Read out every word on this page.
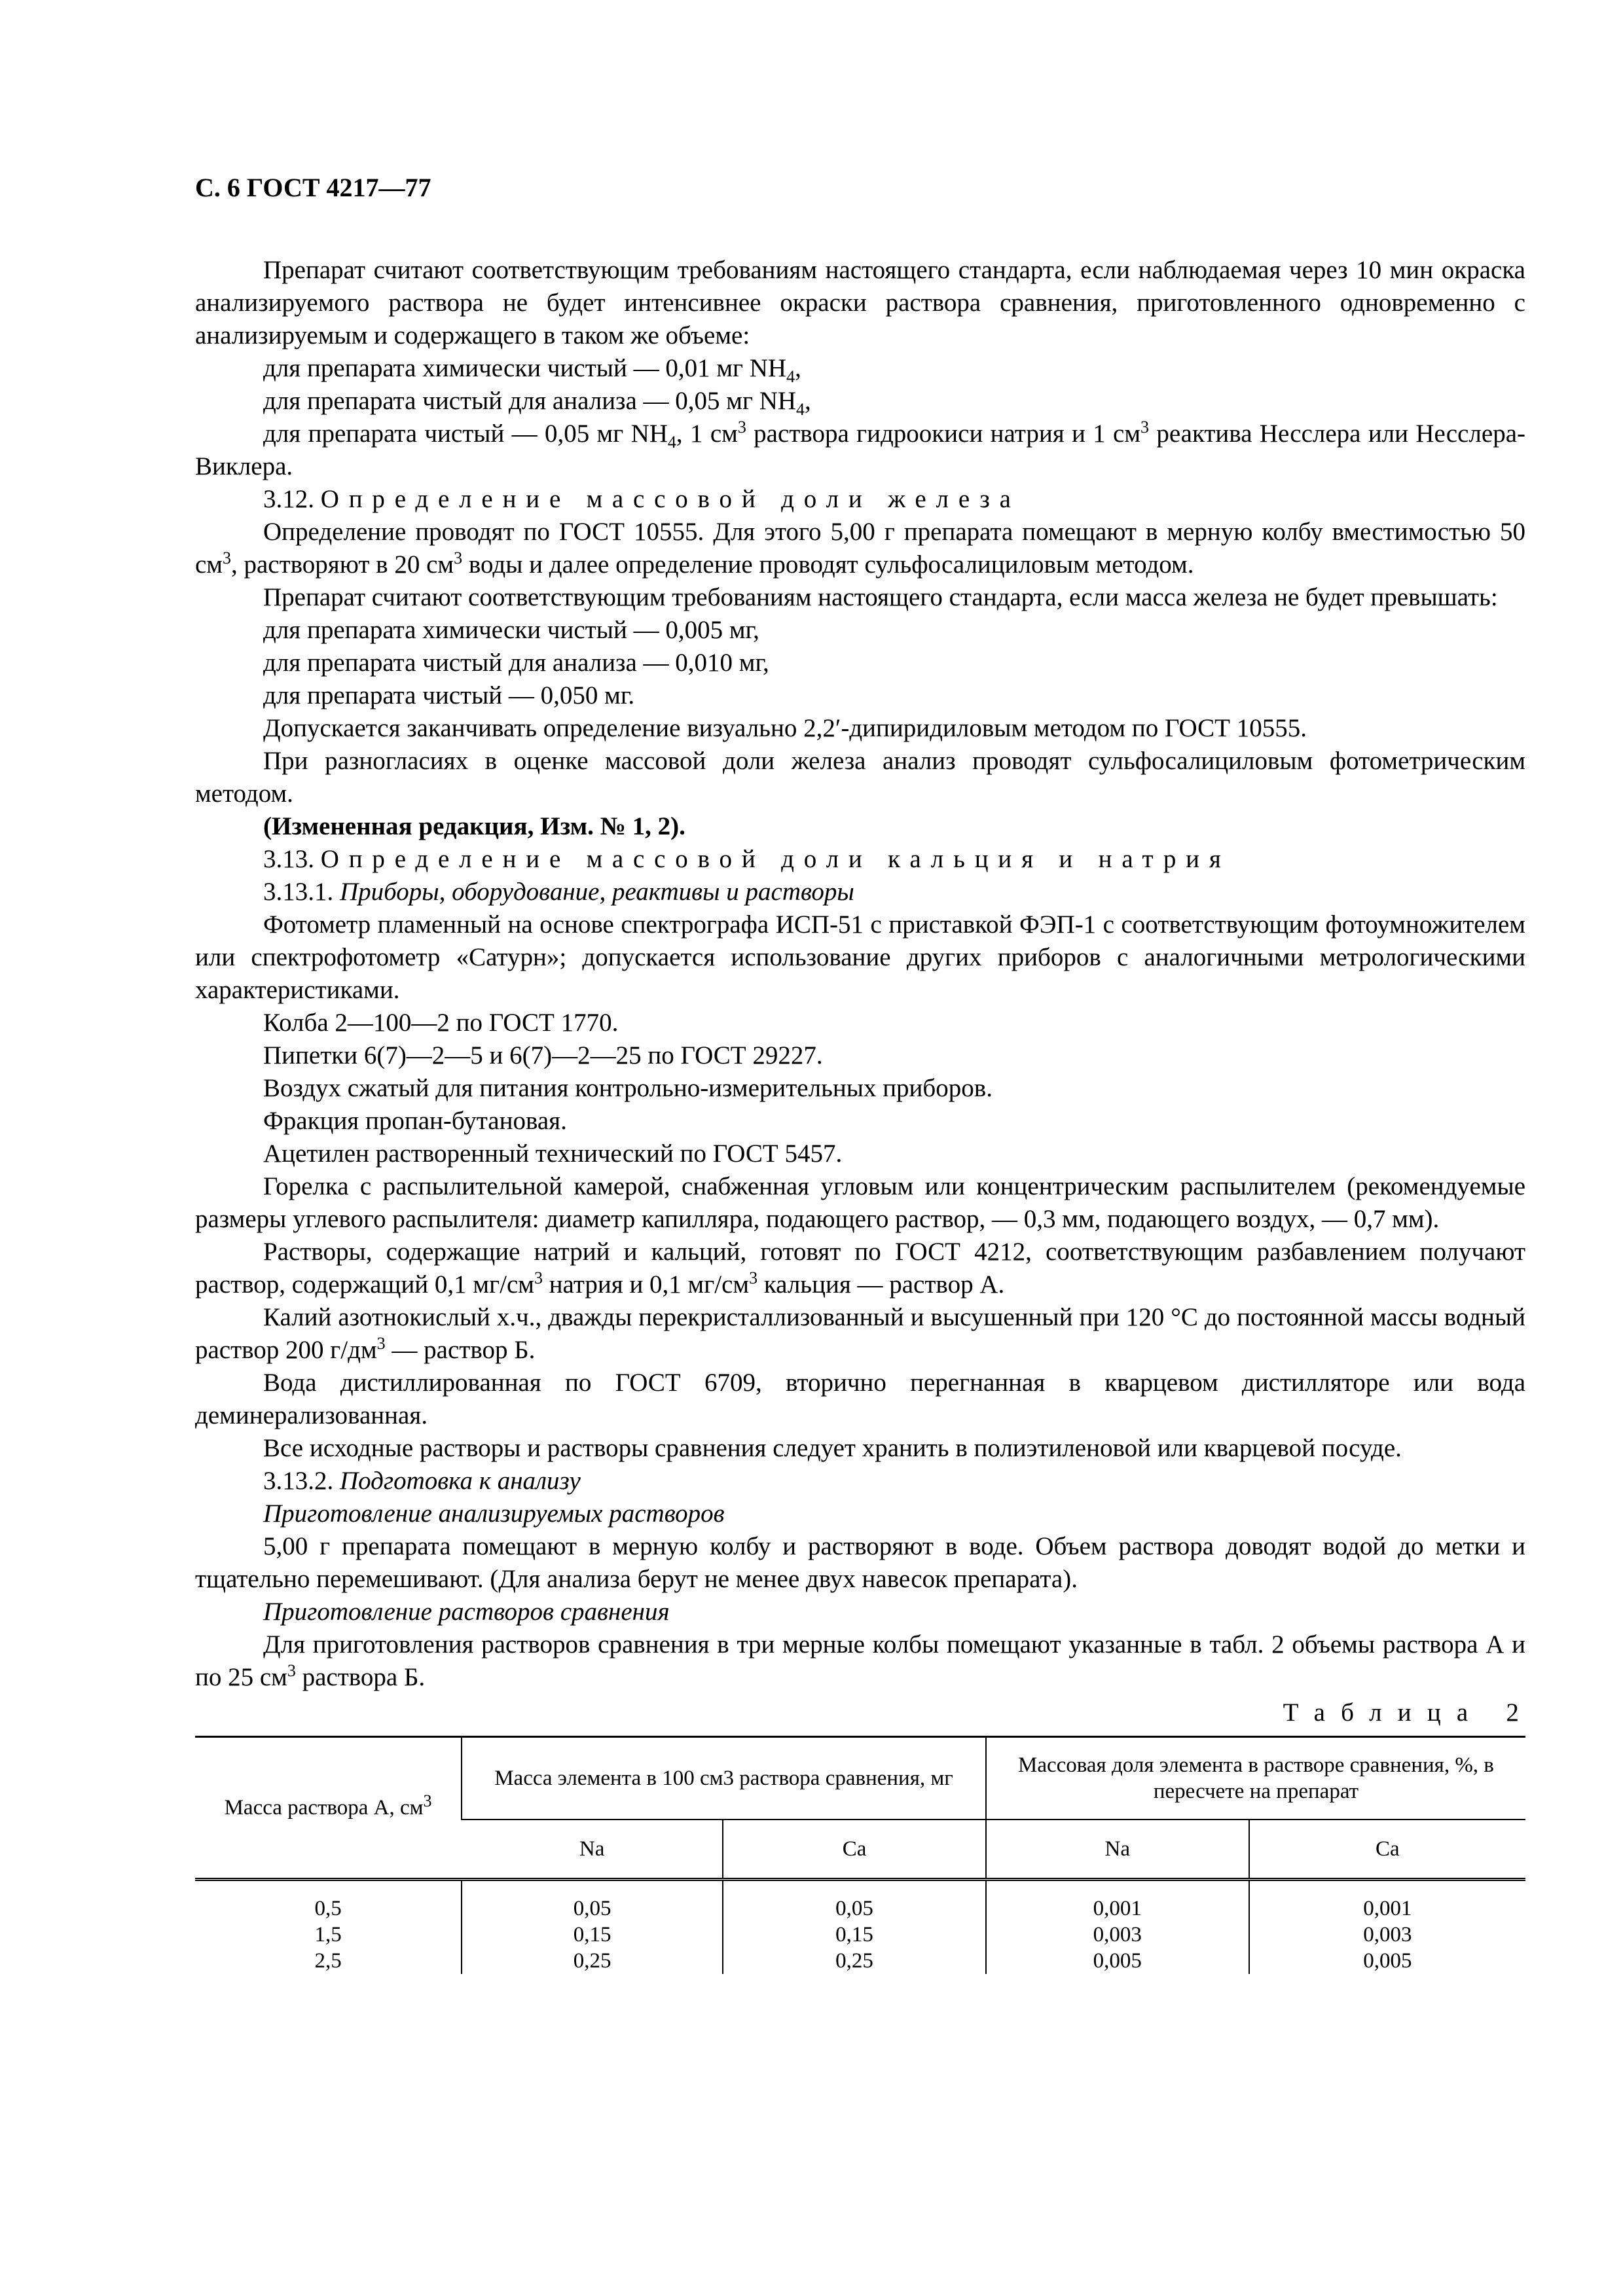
С. 6 ГОСТ 4217—77

Препарат считают соответствующим требованиям настоящего стандарта, если наблюдаемая через 10 мин окраска анализируемого раствора не будет интенсивнее окраски раствора сравнения, приготовленного одновременно с анализируемым и содержащего в таком же объеме:

для препарата химически чистый — 0,01 мг $NH_4$,

для препарата чистый для анализа — 0,05 мг $NH_4$,

для препарата чистый — 0,05 мг $NH_4$, 1 $см^3$ раствора гидроокиси натрия и 1 $см^3$ реактива Несслера или Несслера-Виклера.

3.12. Определение массовой доли железа

Определение проводят по ГОСТ 10555. Для этого 5,00 г препарата помещают в мерную колбу вместимостью 50 $см^3$, растворяют в 20 $см^3$ воды и далее определение проводят сульфосалициловым методом.

Препарат считают соответствующим требованиям настоящего стандарта, если масса железа не будет превышать:

для препарата химически чистый — 0,005 мг,

для препарата чистый для анализа — 0,010 мг,

для препарата чистый — 0,050 мг.

Допускается заканчивать определение визуально 2,2′-дипиридиловым методом по ГОСТ 10555.

При разногласиях в оценке массовой доли железа анализ проводят сульфосалициловым фотометрическим методом.

(Измененная редакция, Изм. № 1, 2).

3.13. Определение массовой доли кальция и натрия

3.13.1. Приборы, оборудование, реактивы и растворы

Фотометр пламенный на основе спектрографа ИСП-51 с приставкой ФЭП-1 с соответствующим фотоумножителем или спектрофотометр «Сатурн»; допускается использование других приборов с аналогичными метрологическими характеристиками.

Колба 2—100—2 по ГОСТ 1770.

Пипетки 6(7)—2—5 и 6(7)—2—25 по ГОСТ 29227.

Воздух сжатый для питания контрольно-измерительных приборов.

Фракция пропан-бутановая.

Ацетилен растворенный технический по ГОСТ 5457.

Горелка с распылительной камерой, снабженная угловым или концентрическим распылителем (рекомендуемые размеры углевого распылителя: диаметр капилляра, подающего раствор, — 0,3 мм, подающего воздух, — 0,7 мм).

Растворы, содержащие натрий и кальций, готовят по ГОСТ 4212, соответствующим разбавлением получают раствор, содержащий 0,1 $мг/см^3$ натрия и 0,1 $мг/см^3$ кальция — раствор А.

Калий азотнокислый х.ч., дважды перекристаллизованный и высушенный при 120 °С до постоянной массы водный раствор 200 $г/дм^3$ — раствор Б.

Вода дистиллированная по ГОСТ 6709, вторично перегнанная в кварцевом дистилляторе или вода деминерализованная.

Все исходные растворы и растворы сравнения следует хранить в полиэтиленовой или кварцевой посуде.

3.13.2. Подготовка к анализу

Приготовление анализируемых растворов

5,00 г препарата помещают в мерную колбу и растворяют в воде. Объем раствора доводят водой до метки и тщательно перемешивают. (Для анализа берут не менее двух навесок препарата).

Приготовление растворов сравнения

Для приготовления растворов сравнения в три мерные колбы помещают указанные в табл. 2 объемы раствора А и по 25 $см^3$ раствора Б.

Таблица 2
Масса раствора А, $см^3$	Масса элемента в 100 см3 раствора сравнения, мг		Массовая доля элемента в растворе сравнения, %, в пересчете на препарат	
	Na	Ca	Na	Ca
0,5	0,05	0,05	0,001	0,001
1,5	0,15	0,15	0,003	0,003
2,5	0,25	0,25	0,005	0,005
